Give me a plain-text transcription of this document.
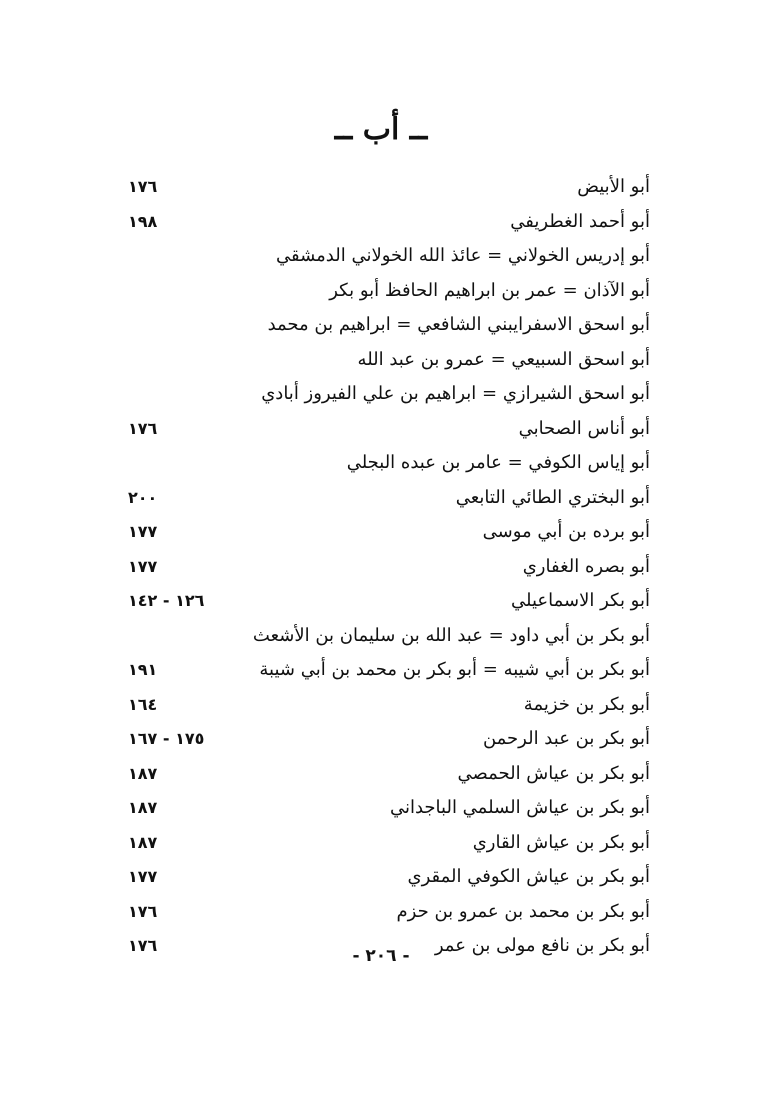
ــ أب ــ
أبو الأبيض
١٧٦
أبو أحمد الغطريفي
١٩٨
أبو إدريس الخولاني = عائذ الله الخولاني الدمشقي
أبو الآذان = عمر بن ابراهيم الحافظ أبو بكر
أبو اسحق الاسفرايبني الشافعي = ابراهيم بن محمد
أبو اسحق السبيعي = عمرو بن عبد الله
أبو اسحق الشيرازي = ابراهيم بن علي الفيروز أبادي
أبو أناس الصحابي
١٧٦
أبو إياس الكوفي = عامر بن عبده البجلي
أبو البختري الطائي التابعي
٢٠٠
أبو برده بن أبي موسى
١٧٧
أبو بصره الغفاري
١٧٧
أبو بكر الاسماعيلي
١٢٦ - ١٤٢
أبو بكر بن أبي داود = عبد الله بن سليمان بن الأشعث
أبو بكر بن أبي شيبه = أبو بكر بن محمد بن أبي شيبة
١٩١
أبو بكر بن خزيمة
١٦٤
أبو بكر بن عبد الرحمن
١٧٥ - ١٦٧
أبو بكر بن عياش الحمصي
١٨٧
أبو بكر بن عياش السلمي الباجداني
١٨٧
أبو بكر بن عياش القاري
١٨٧
أبو بكر بن عياش الكوفي المقري
١٧٧
أبو بكر بن محمد بن عمرو بن حزم
١٧٦
أبو بكر بن نافع مولى بن عمر
١٧٦
- ٢٠٦ -
